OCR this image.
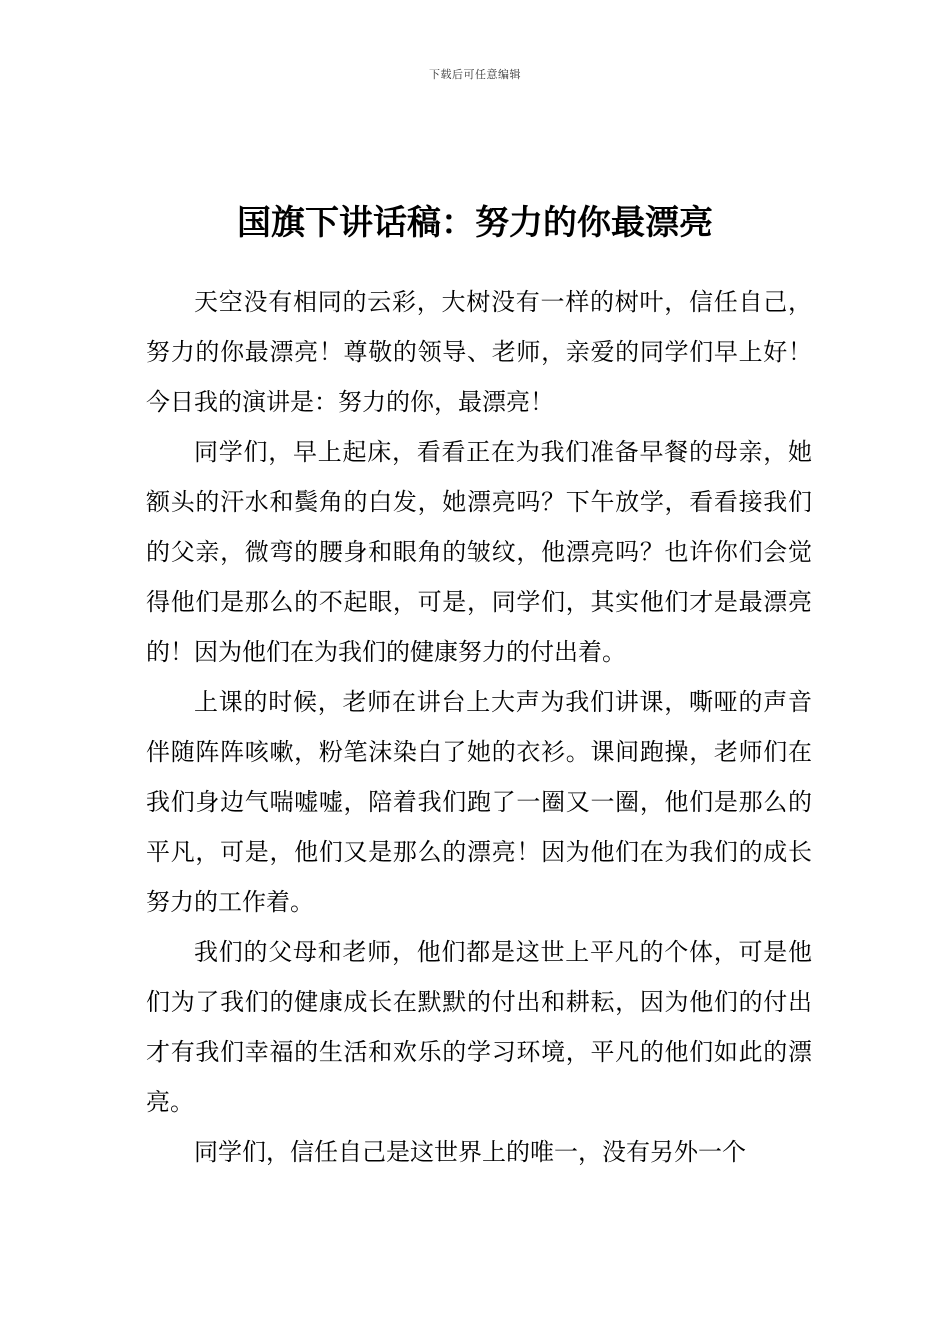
下载后可任意编辑
国旗下讲话稿：努力的你最漂亮

天空没有相同的云彩，大树没有一样的树叶，信任自己，努力的你最漂亮！尊敬的领导、老师，亲爱的同学们早上好！今日我的演讲是：努力的你，最漂亮！

同学们，早上起床，看看正在为我们准备早餐的母亲，她额头的汗水和鬓角的白发，她漂亮吗？下午放学，看看接我们的父亲，微弯的腰身和眼角的皱纹，他漂亮吗？也许你们会觉得他们是那么的不起眼，可是，同学们，其实他们才是最漂亮的！因为他们在为我们的健康努力的付出着。

上课的时候，老师在讲台上大声为我们讲课，嘶哑的声音伴随阵阵咳嗽，粉笔沫染白了她的衣衫。课间跑操，老师们在我们身边气喘嘘嘘，陪着我们跑了一圈又一圈，他们是那么的平凡，可是，他们又是那么的漂亮！因为他们在为我们的成长努力的工作着。

我们的父母和老师，他们都是这世上平凡的个体，可是他们为了我们的健康成长在默默的付出和耕耘，因为他们的付出才有我们幸福的生活和欢乐的学习环境，平凡的他们如此的漂亮。

同学们，信任自己是这世界上的唯一，没有另外一个
